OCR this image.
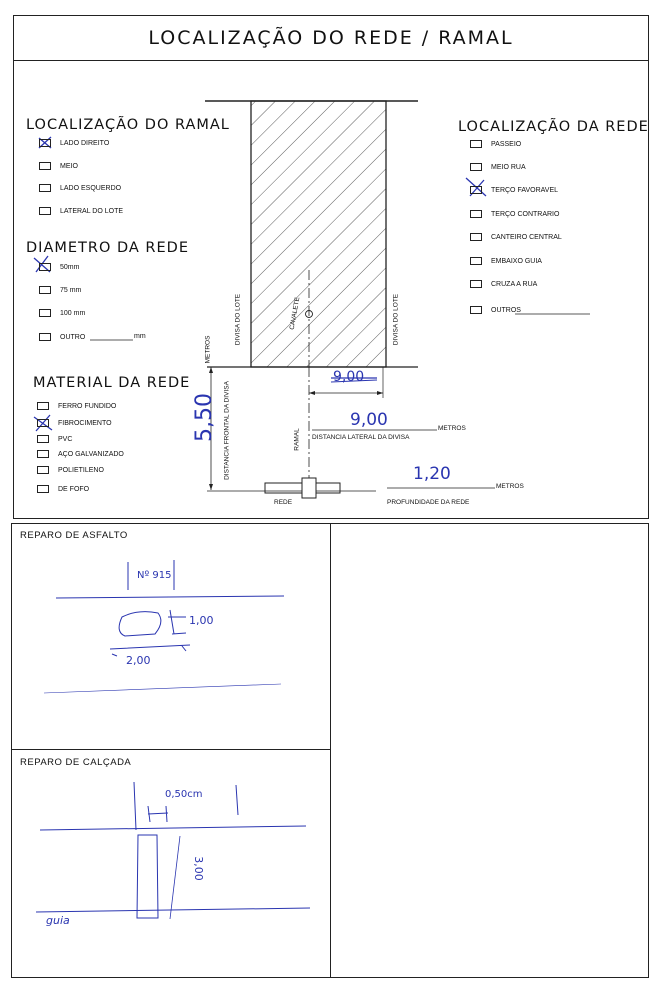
LOCALIZAÇÃO DO REDE / RAMAL
LOCALIZAÇÃO DO RAMAL
LADO DIREITO
MEIO
LADO ESQUERDO
LATERAL DO LOTE
DIAMETRO DA REDE
50mm
75 mm
100 mm
OUTRO	mm
MATERIAL DA REDE
FERRO FUNDIDO
FIBROCIMENTO
PVC
AÇO GALVANIZADO
POLIETILENO
DE FOFO
LOCALIZAÇÃO DA REDE
PASSEIO
MEIO RUA
TERÇO FAVORAVEL
TERÇO CONTRARIO
CANTEIRO CENTRAL
EMBAIXO GUIA
CRUZA A RUA
OUTROS
DIVISA DO LOTE	DIVISA DO LOTE
CAVALETE
METROS
DISTANCIA FRONTAL DA DIVISA
5,50	RAMAL
9,00
9,00	METROS
DISTANCIA LATERAL DA DIVISA
1,20
METROS
REDE	PROFUNDIDADE DA REDE
REPARO DE ASFALTO
REPARO DE CALÇADA
Nº 915
1,00
2,00
0,50cm
3,00
guia
